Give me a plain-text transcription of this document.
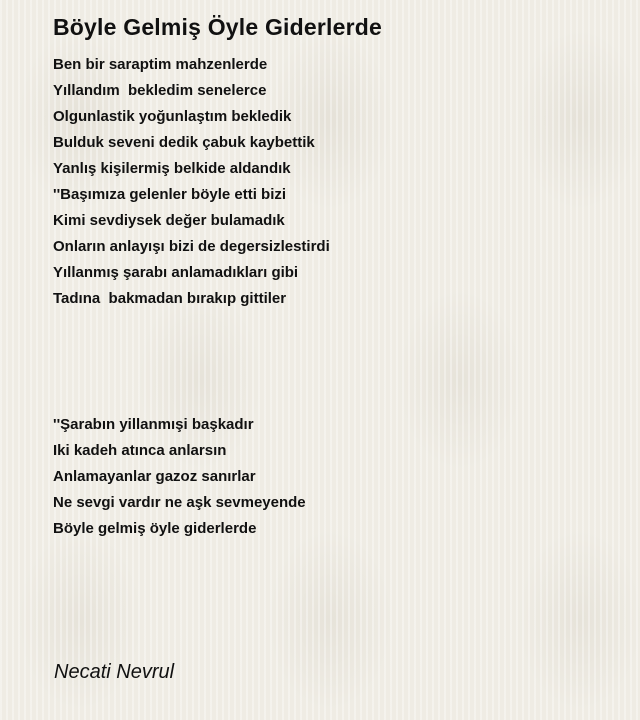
Böyle Gelmiş Öyle Giderlerde
Ben bir saraptim mahzenlerde
Yıllandım  bekledim senelerce
Olgunlastik yoğunlaştım bekledik
Bulduk seveni dedik çabuk kaybettik
Yanlış kişilermiş belkide aldandık
''Başımıza gelenler böyle etti bizi
Kimi sevdiysek değer bulamadık
Onların anlayışı bizi de degersizlestirdi
Yıllanmış şarabı anlamadıkları gibi
Tadına  bakmadan bırakıp gittiler
''Şarabın yillanmışi başkadır
Iki kadeh atınca anlarsın
Anlamayanlar gazoz sanırlar
Ne sevgi vardır ne aşk sevmeyende
Böyle gelmiş öyle giderlerde
Necati Nevrul
